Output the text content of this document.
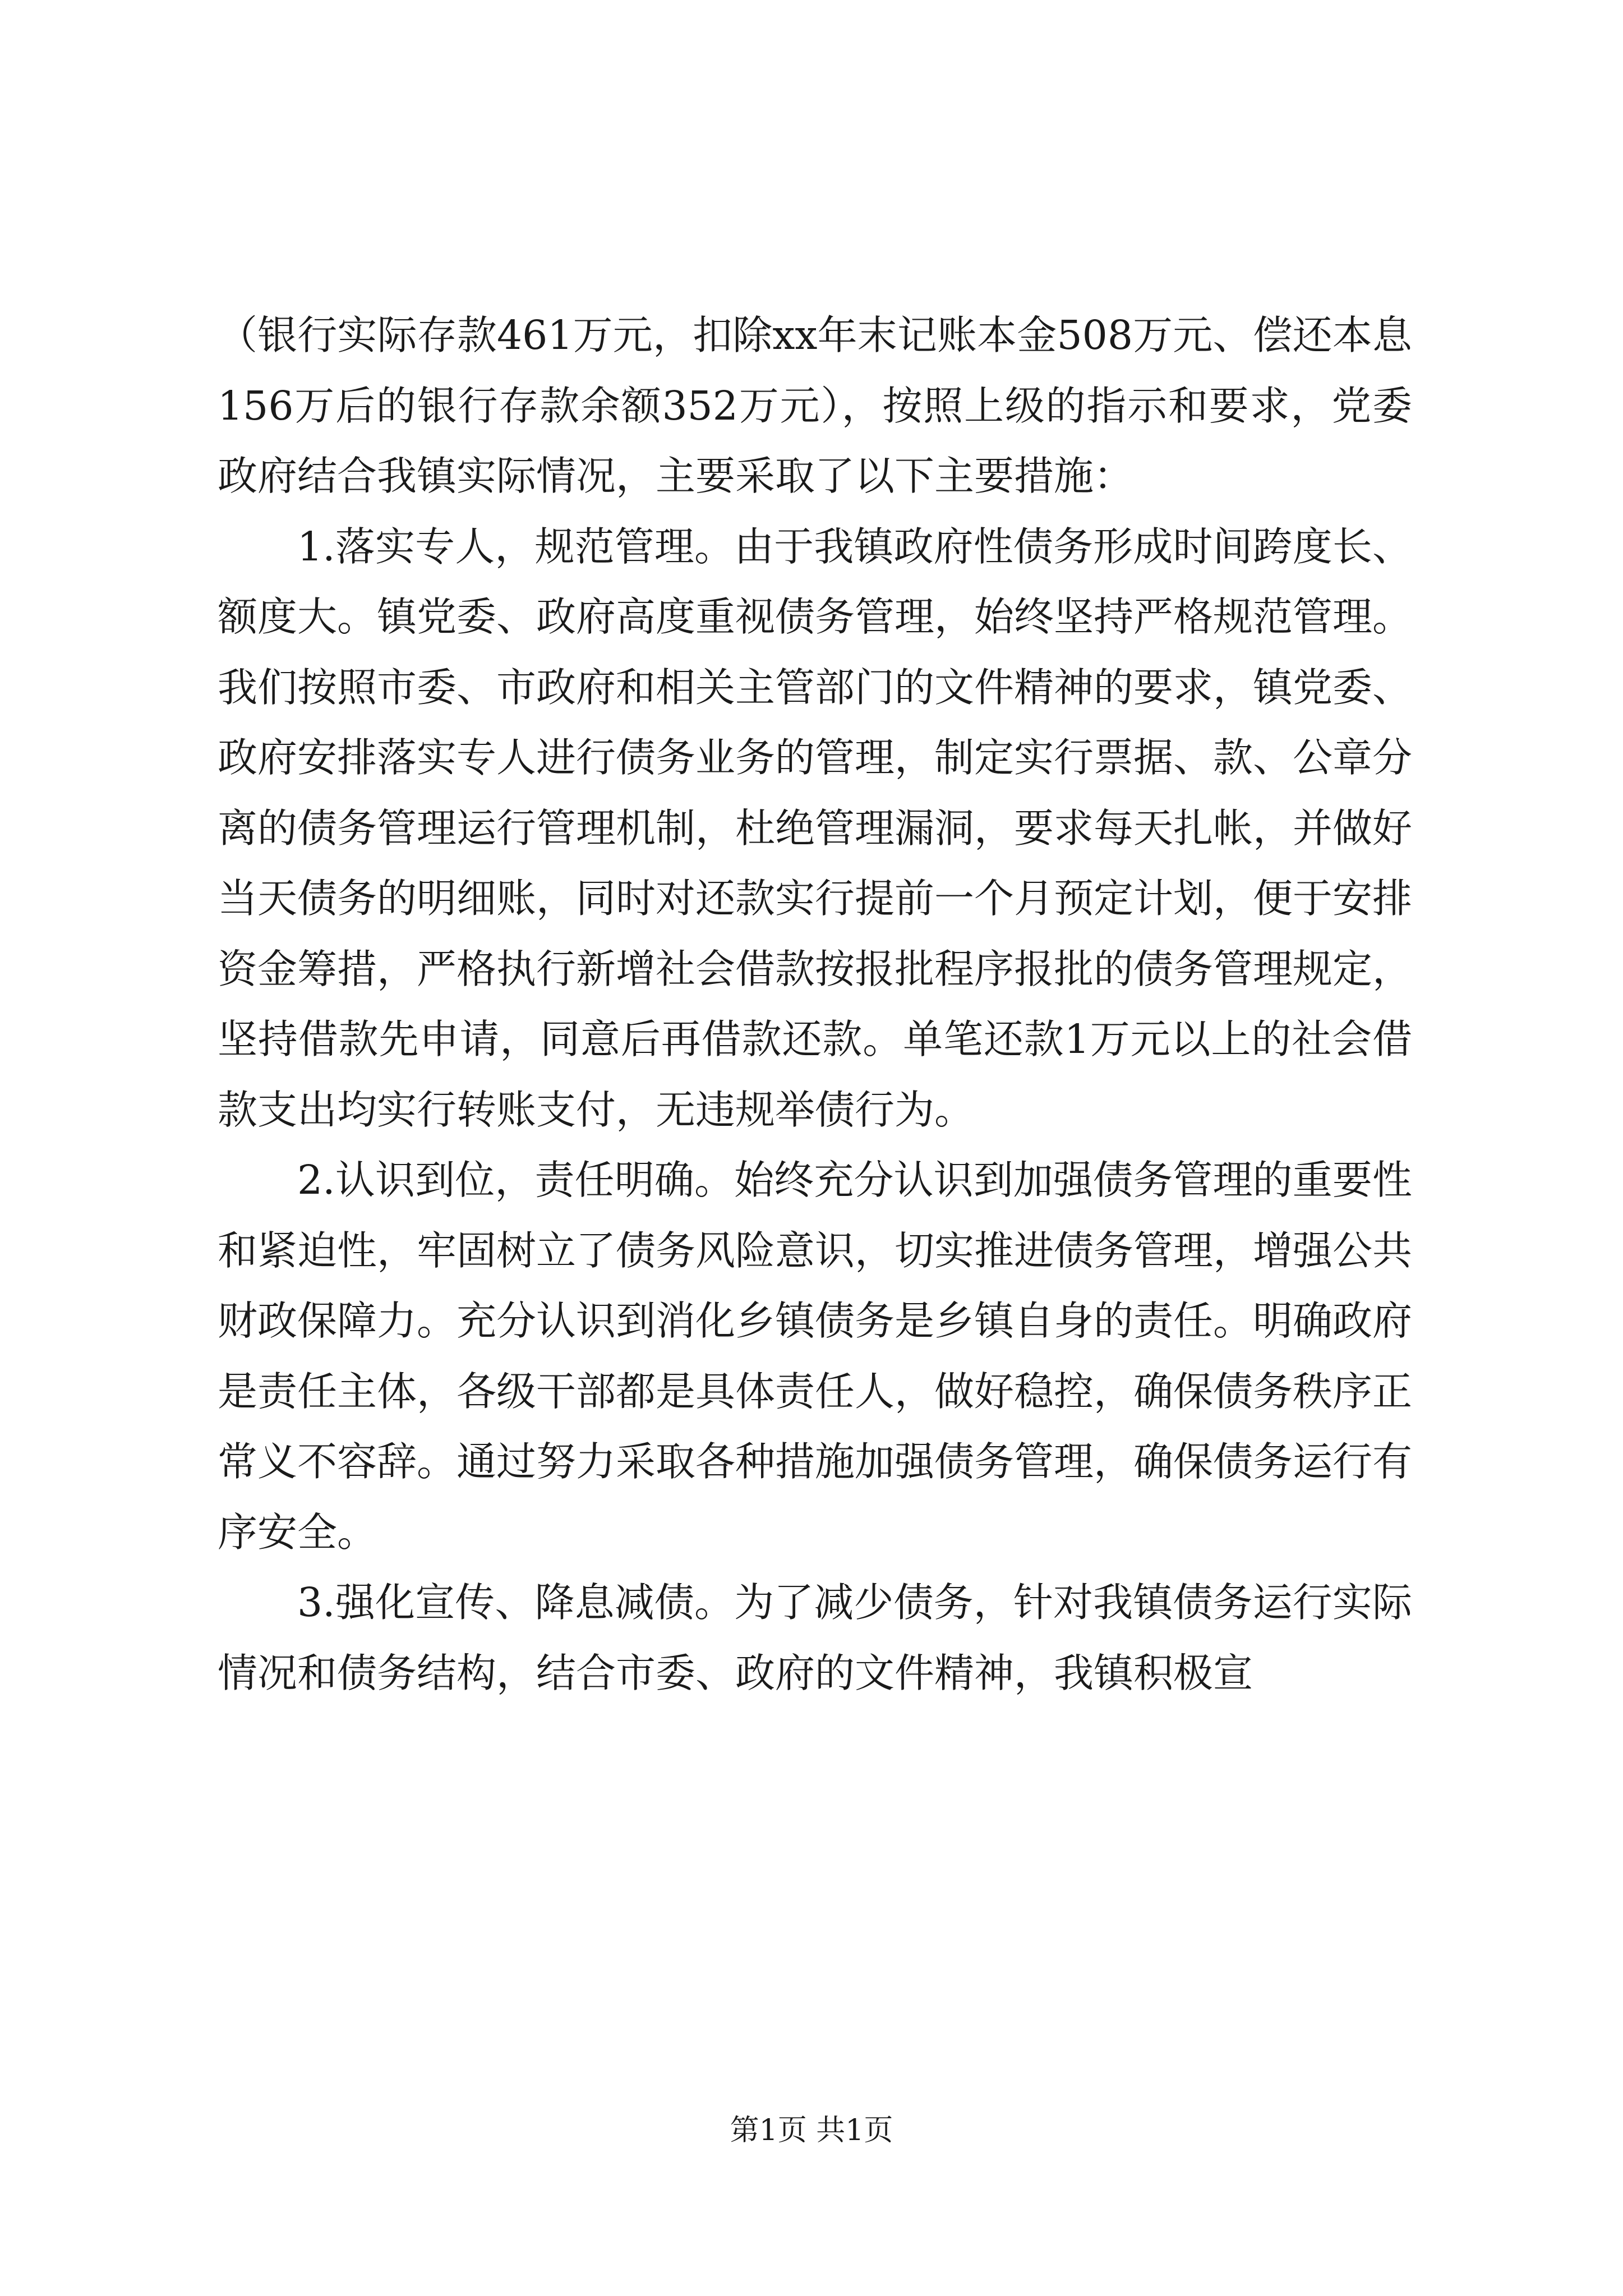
（银行实际存款461万元，扣除xx年末记账本金508万元、偿还本息156万后的银行存款余额352万元），按照上级的指示和要求，党委政府结合我镇实际情况，主要采取了以下主要措施：

1.落实专人，规范管理。由于我镇政府性债务形成时间跨度长、额度大。镇党委、政府高度重视债务管理，始终坚持严格规范管理。我们按照市委、市政府和相关主管部门的文件精神的要求，镇党委、政府安排落实专人进行债务业务的管理，制定实行票据、款、公章分离的债务管理运行管理机制，杜绝管理漏洞，要求每天扎帐，并做好当天债务的明细账，同时对还款实行提前一个月预定计划，便于安排资金筹措，严格执行新增社会借款按报批程序报批的债务管理规定，坚持借款先申请，同意后再借款还款。单笔还款1万元以上的社会借款支出均实行转账支付，无违规举债行为。

2.认识到位，责任明确。始终充分认识到加强债务管理的重要性和紧迫性，牢固树立了债务风险意识，切实推进债务管理，增强公共财政保障力。充分认识到消化乡镇债务是乡镇自身的责任。明确政府是责任主体，各级干部都是具体责任人，做好稳控，确保债务秩序正常义不容辞。通过努力采取各种措施加强债务管理，确保债务运行有序安全。

3.强化宣传、降息减债。为了减少债务，针对我镇债务运行实际情况和债务结构，结合市委、政府的文件精神，我镇积极宣

第1页 共1页
